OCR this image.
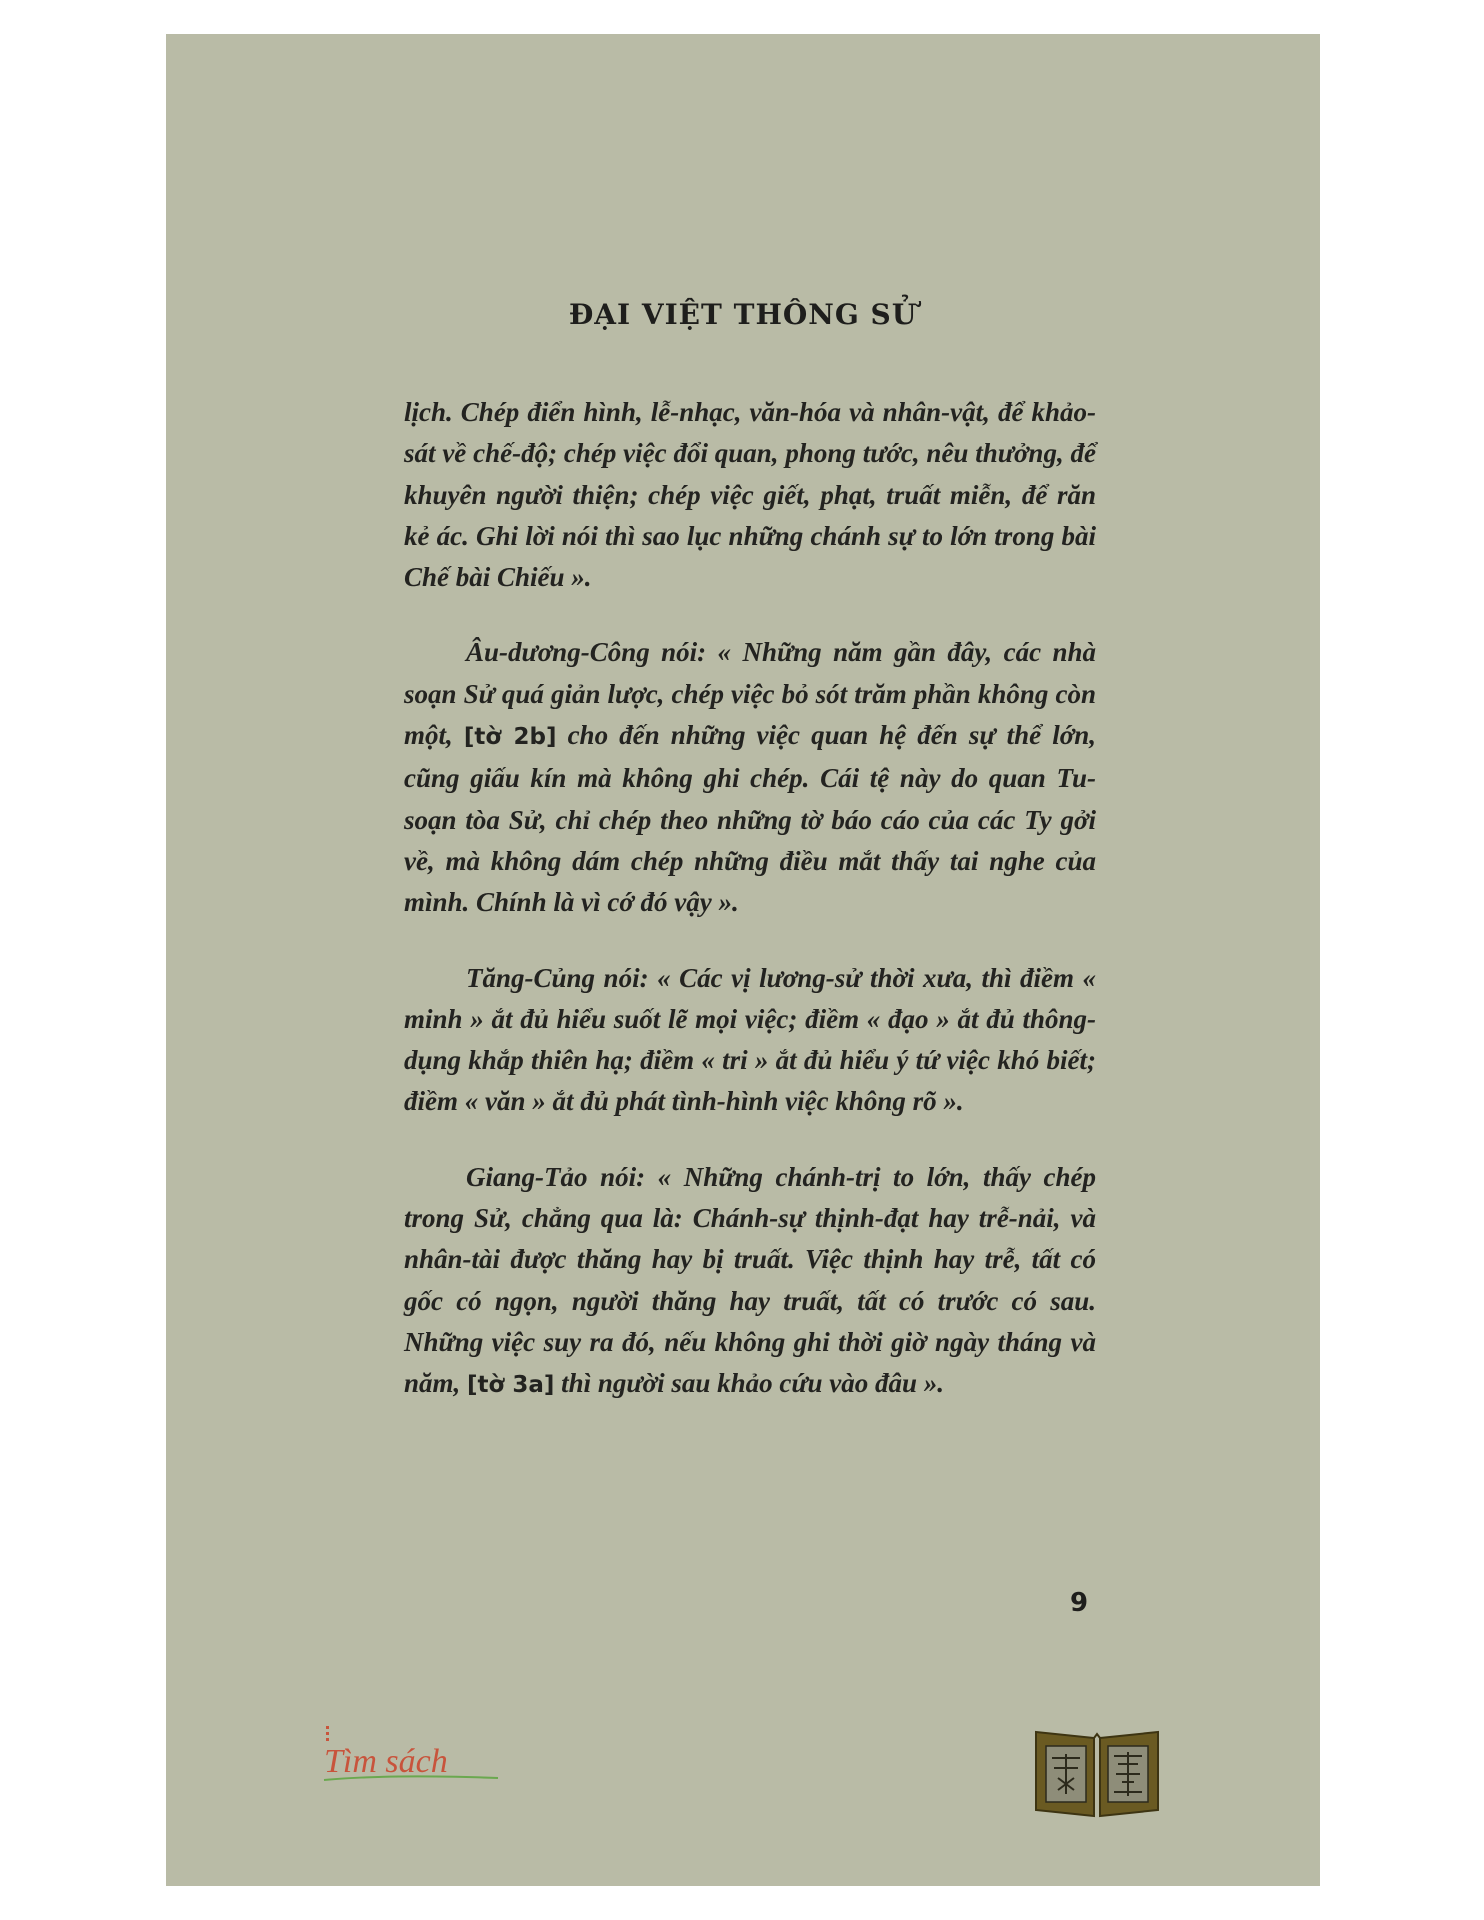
ĐẠI VIỆT THÔNG SỬ

lịch. Chép điển hình, lễ-nhạc, văn-hóa và nhân-vật, để khảo-sát về chế-độ; chép việc đổi quan, phong tước, nêu thưởng, để khuyên người thiện; chép việc giết, phạt, truất miễn, để răn kẻ ác. Ghi lời nói thì sao lục những chánh sự to lớn trong bài Chế bài Chiếu ».

Âu-dương-Công nói: « Những năm gần đây, các nhà soạn Sử quá giản lược, chép việc bỏ sót trăm phần không còn một, [tờ 2b] cho đến những việc quan hệ đến sự thể lớn, cũng giấu kín mà không ghi chép. Cái tệ này do quan Tu-soạn tòa Sử, chỉ chép theo những tờ báo cáo của các Ty gởi về, mà không dám chép những điều mắt thấy tai nghe của mình. Chính là vì cớ đó vậy ».

Tăng-Củng nói: « Các vị lương-sử thời xưa, thì điềm « minh » ắt đủ hiểu suốt lẽ mọi việc; điềm « đạo » ắt đủ thông-dụng khắp thiên hạ; điềm « tri » ắt đủ hiểu ý tứ việc khó biết; điềm « văn » ắt đủ phát tình-hình việc không rõ ».

Giang-Tảo nói: « Những chánh-trị to lớn, thấy chép trong Sử, chẳng qua là: Chánh-sự thịnh-đạt hay trễ-nải, và nhân-tài được thăng hay bị truất. Việc thịnh hay trễ, tất có gốc có ngọn, người thăng hay truất, tất có trước có sau. Những việc suy ra đó, nếu không ghi thời giờ ngày tháng và năm, [tờ 3a] thì người sau khảo cứu vào đâu ».

9
Tìm sách
